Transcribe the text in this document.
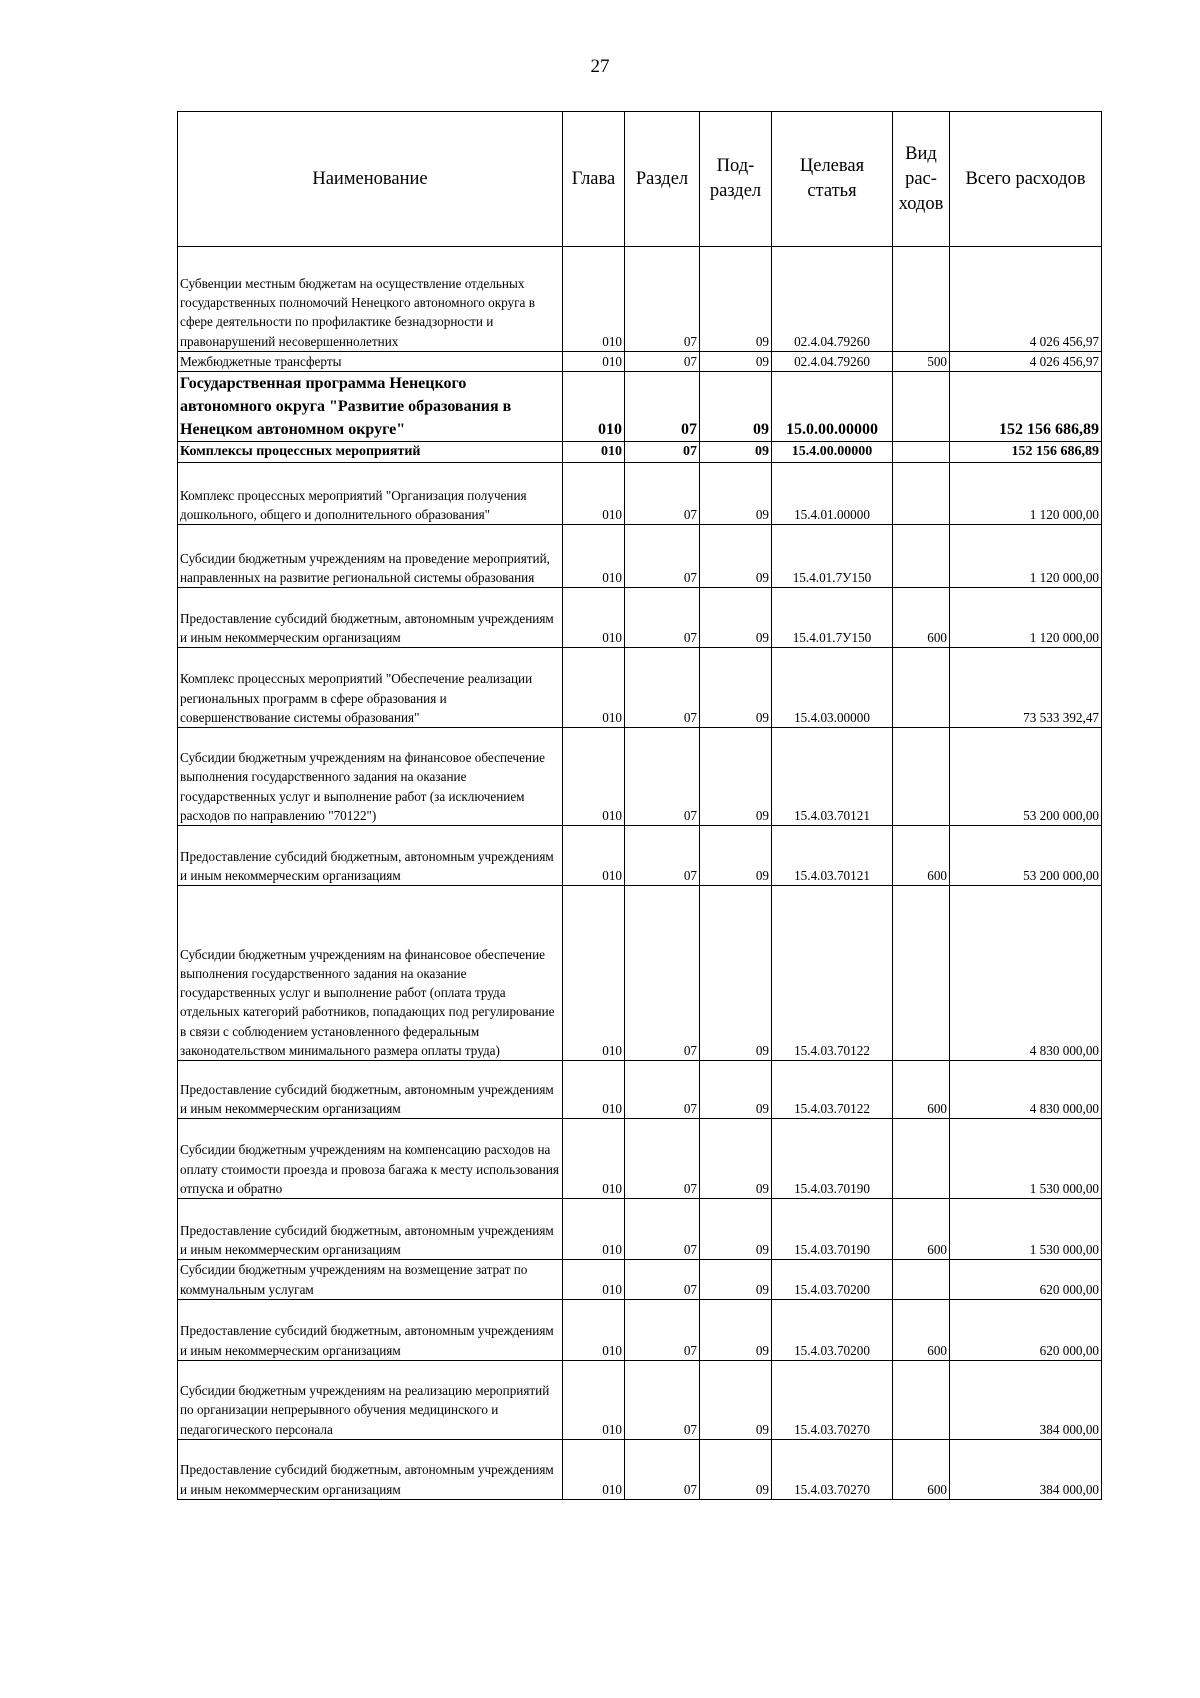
27
Наименование	Глава	Раздел	Под-раздел	Целевая статья	Вид рас-ходов	Всего расходов
Субвенции местным бюджетам на осуществление отдельных государственных полномочий Ненецкого автономного округа в сфере деятельности по профилактике безнадзорности и правонарушений несовершеннолетних	010	07	09	02.4.04.79260		4 026 456,97
Межбюджетные трансферты	010	07	09	02.4.04.79260	500	4 026 456,97
Государственная программа Ненецкого автономного округа "Развитие образования в Ненецком автономном округе"	010	07	09	15.0.00.00000		152 156 686,89
Комплексы процессных мероприятий	010	07	09	15.4.00.00000		152 156 686,89
Комплекс процессных мероприятий "Организация получения дошкольного, общего и дополнительного образования"	010	07	09	15.4.01.00000		1 120 000,00
Субсидии бюджетным учреждениям на проведение мероприятий, направленных на развитие региональной системы образования	010	07	09	15.4.01.7У150		1 120 000,00
Предоставление субсидий бюджетным, автономным учреждениям и иным некоммерческим организациям	010	07	09	15.4.01.7У150	600	1 120 000,00
Комплекс процессных мероприятий "Обеспечение реализации региональных программ в сфере образования и совершенствование системы образования"	010	07	09	15.4.03.00000		73 533 392,47
Субсидии бюджетным учреждениям на финансовое обеспечение выполнения государственного задания на оказание государственных услуг и выполнение работ (за исключением расходов по направлению "70122")	010	07	09	15.4.03.70121		53 200 000,00
Предоставление субсидий бюджетным, автономным учреждениям и иным некоммерческим организациям	010	07	09	15.4.03.70121	600	53 200 000,00
Субсидии бюджетным учреждениям на финансовое обеспечение выполнения государственного задания на оказание государственных услуг и выполнение работ (оплата труда отдельных категорий работников, попадающих под регулирование в связи с соблюдением установленного федеральным законодательством минимального размера оплаты труда)	010	07	09	15.4.03.70122		4 830 000,00
Предоставление субсидий бюджетным, автономным учреждениям и иным некоммерческим организациям	010	07	09	15.4.03.70122	600	4 830 000,00
Субсидии бюджетным учреждениям на компенсацию расходов на оплату стоимости проезда и провоза багажа к месту использования отпуска и обратно	010	07	09	15.4.03.70190		1 530 000,00
Предоставление субсидий бюджетным, автономным учреждениям и иным некоммерческим организациям	010	07	09	15.4.03.70190	600	1 530 000,00
Субсидии бюджетным учреждениям на возмещение затрат по коммунальным услугам	010	07	09	15.4.03.70200		620 000,00
Предоставление субсидий бюджетным, автономным учреждениям и иным некоммерческим организациям	010	07	09	15.4.03.70200	600	620 000,00
Субсидии бюджетным учреждениям на реализацию мероприятий по организации непрерывного обучения медицинского и педагогического персонала	010	07	09	15.4.03.70270		384 000,00
Предоставление субсидий бюджетным, автономным учреждениям и иным некоммерческим организациям	010	07	09	15.4.03.70270	600	384 000,00
